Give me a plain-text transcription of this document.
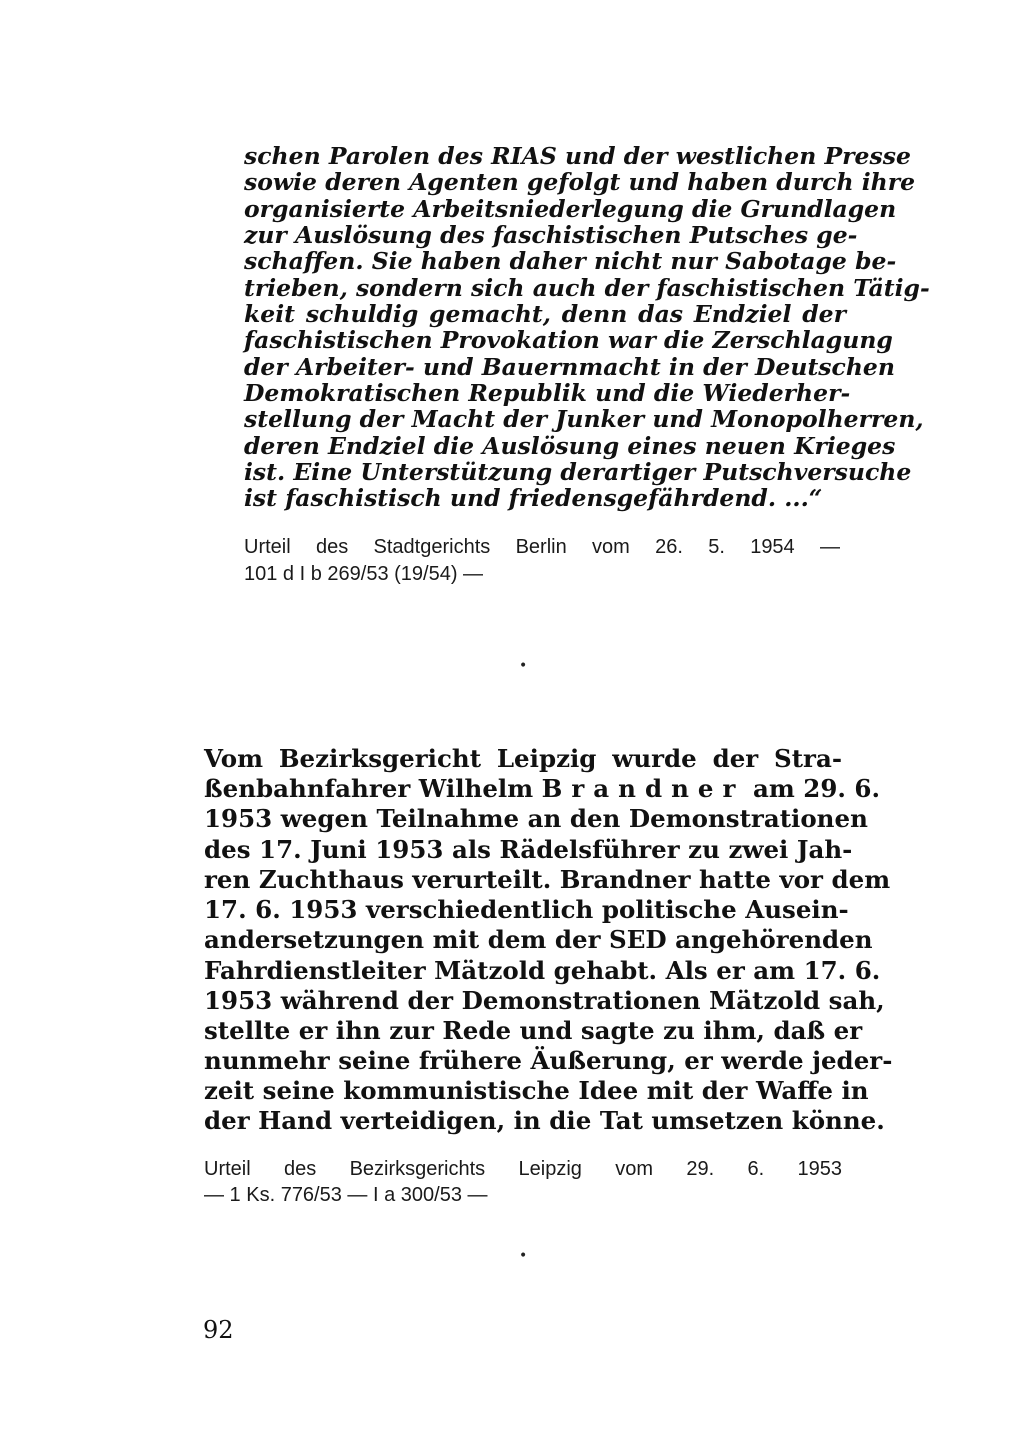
schen Parolen des RIAS und der westlichen Presse

sowie deren Agenten gefolgt und haben durch ihre

organisierte Arbeitsniederlegung die Grundlagen

zur Auslösung des faschistischen Putsches ge-

schaffen. Sie haben daher nicht nur Sabotage be-

trieben, sondern sich auch der faschistischen Tätig-

keit schuldig gemacht, denn das Endziel der

faschistischen Provokation war die Zerschlagung

der Arbeiter- und Bauernmacht in der Deutschen

Demokratischen Republik und die Wiederher-

stellung der Macht der Junker und Monopolherren,

deren Endziel die Auslösung eines neuen Krieges

ist. Eine Unterstützung derartiger Putschversuche

ist faschistisch und friedensgefährdend. ...“

Urteil des Stadtgerichts Berlin vom 26. 5. 1954 —

101 d I b 269/53 (19/54) —

•

Vom Bezirksgericht Leipzig wurde der Stra-

ßenbahnfahrer Wilhelm Brandner am 29. 6.

1953 wegen Teilnahme an den Demonstrationen

des 17. Juni 1953 als Rädelsführer zu zwei Jah-

ren Zuchthaus verurteilt. Brandner hatte vor dem

17. 6. 1953 verschiedentlich politische Ausein-

andersetzungen mit dem der SED angehörenden

Fahrdienstleiter Mätzold gehabt. Als er am 17. 6.

1953 während der Demonstrationen Mätzold sah,

stellte er ihn zur Rede und sagte zu ihm, daß er

nunmehr seine frühere Äußerung, er werde jeder-

zeit seine kommunistische Idee mit der Waffe in

der Hand verteidigen, in die Tat umsetzen könne.

Urteil des Bezirksgerichts Leipzig vom 29. 6. 1953

— 1 Ks. 776/53 — I a 300/53 —

•
92
